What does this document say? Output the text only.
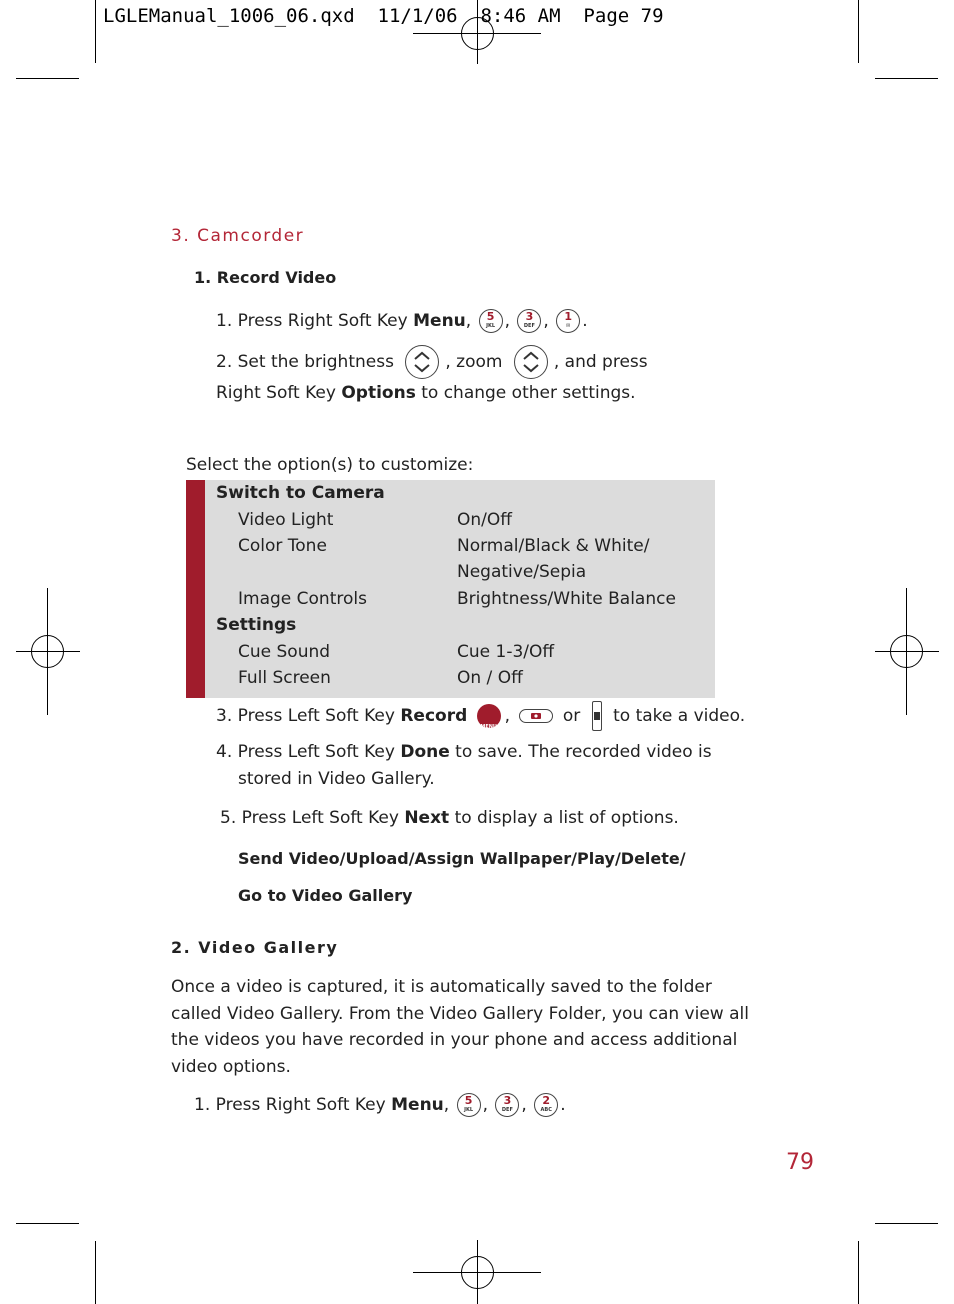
LGLEManual_1006_06.qxd  11/1/06  8:46 AM  Page 79
3. Camcorder
1. Record Video
1. Press Right Soft Key Menu,	5
JKL , 3
DEF , 1
✉ .
2. Set the brightness	, zoom	, and press
Right Soft Key Options to change other settings.
Select the option(s) to customize:
Switch to Camera
Video Light	On/Off
Color Tone	Normal/Black & White/
Negative/Sepia
Image Controls	Brightness/White Balance
Settings
Cue Sound	Cue 1-3/Off
Full Screen	On / Off
3. Press Left Soft Key Record
MENU
OK
,	or to take a video.
4. Press Left Soft Key Done to save. The recorded video is
stored in Video Gallery.
5. Press Left Soft Key Next to display a list of options.
Send Video/Upload/Assign Wallpaper/Play/Delete/
Go to Video Gallery
2. Video Gallery
Once a video is captured, it is automatically saved to the folder called Video Gallery. From the Video Gallery Folder, you can view all the videos you have recorded in your phone and access additional video options.
1. Press Right Soft Key Menu,	5
JKL , 3
DEF , 2
ABC .
79
